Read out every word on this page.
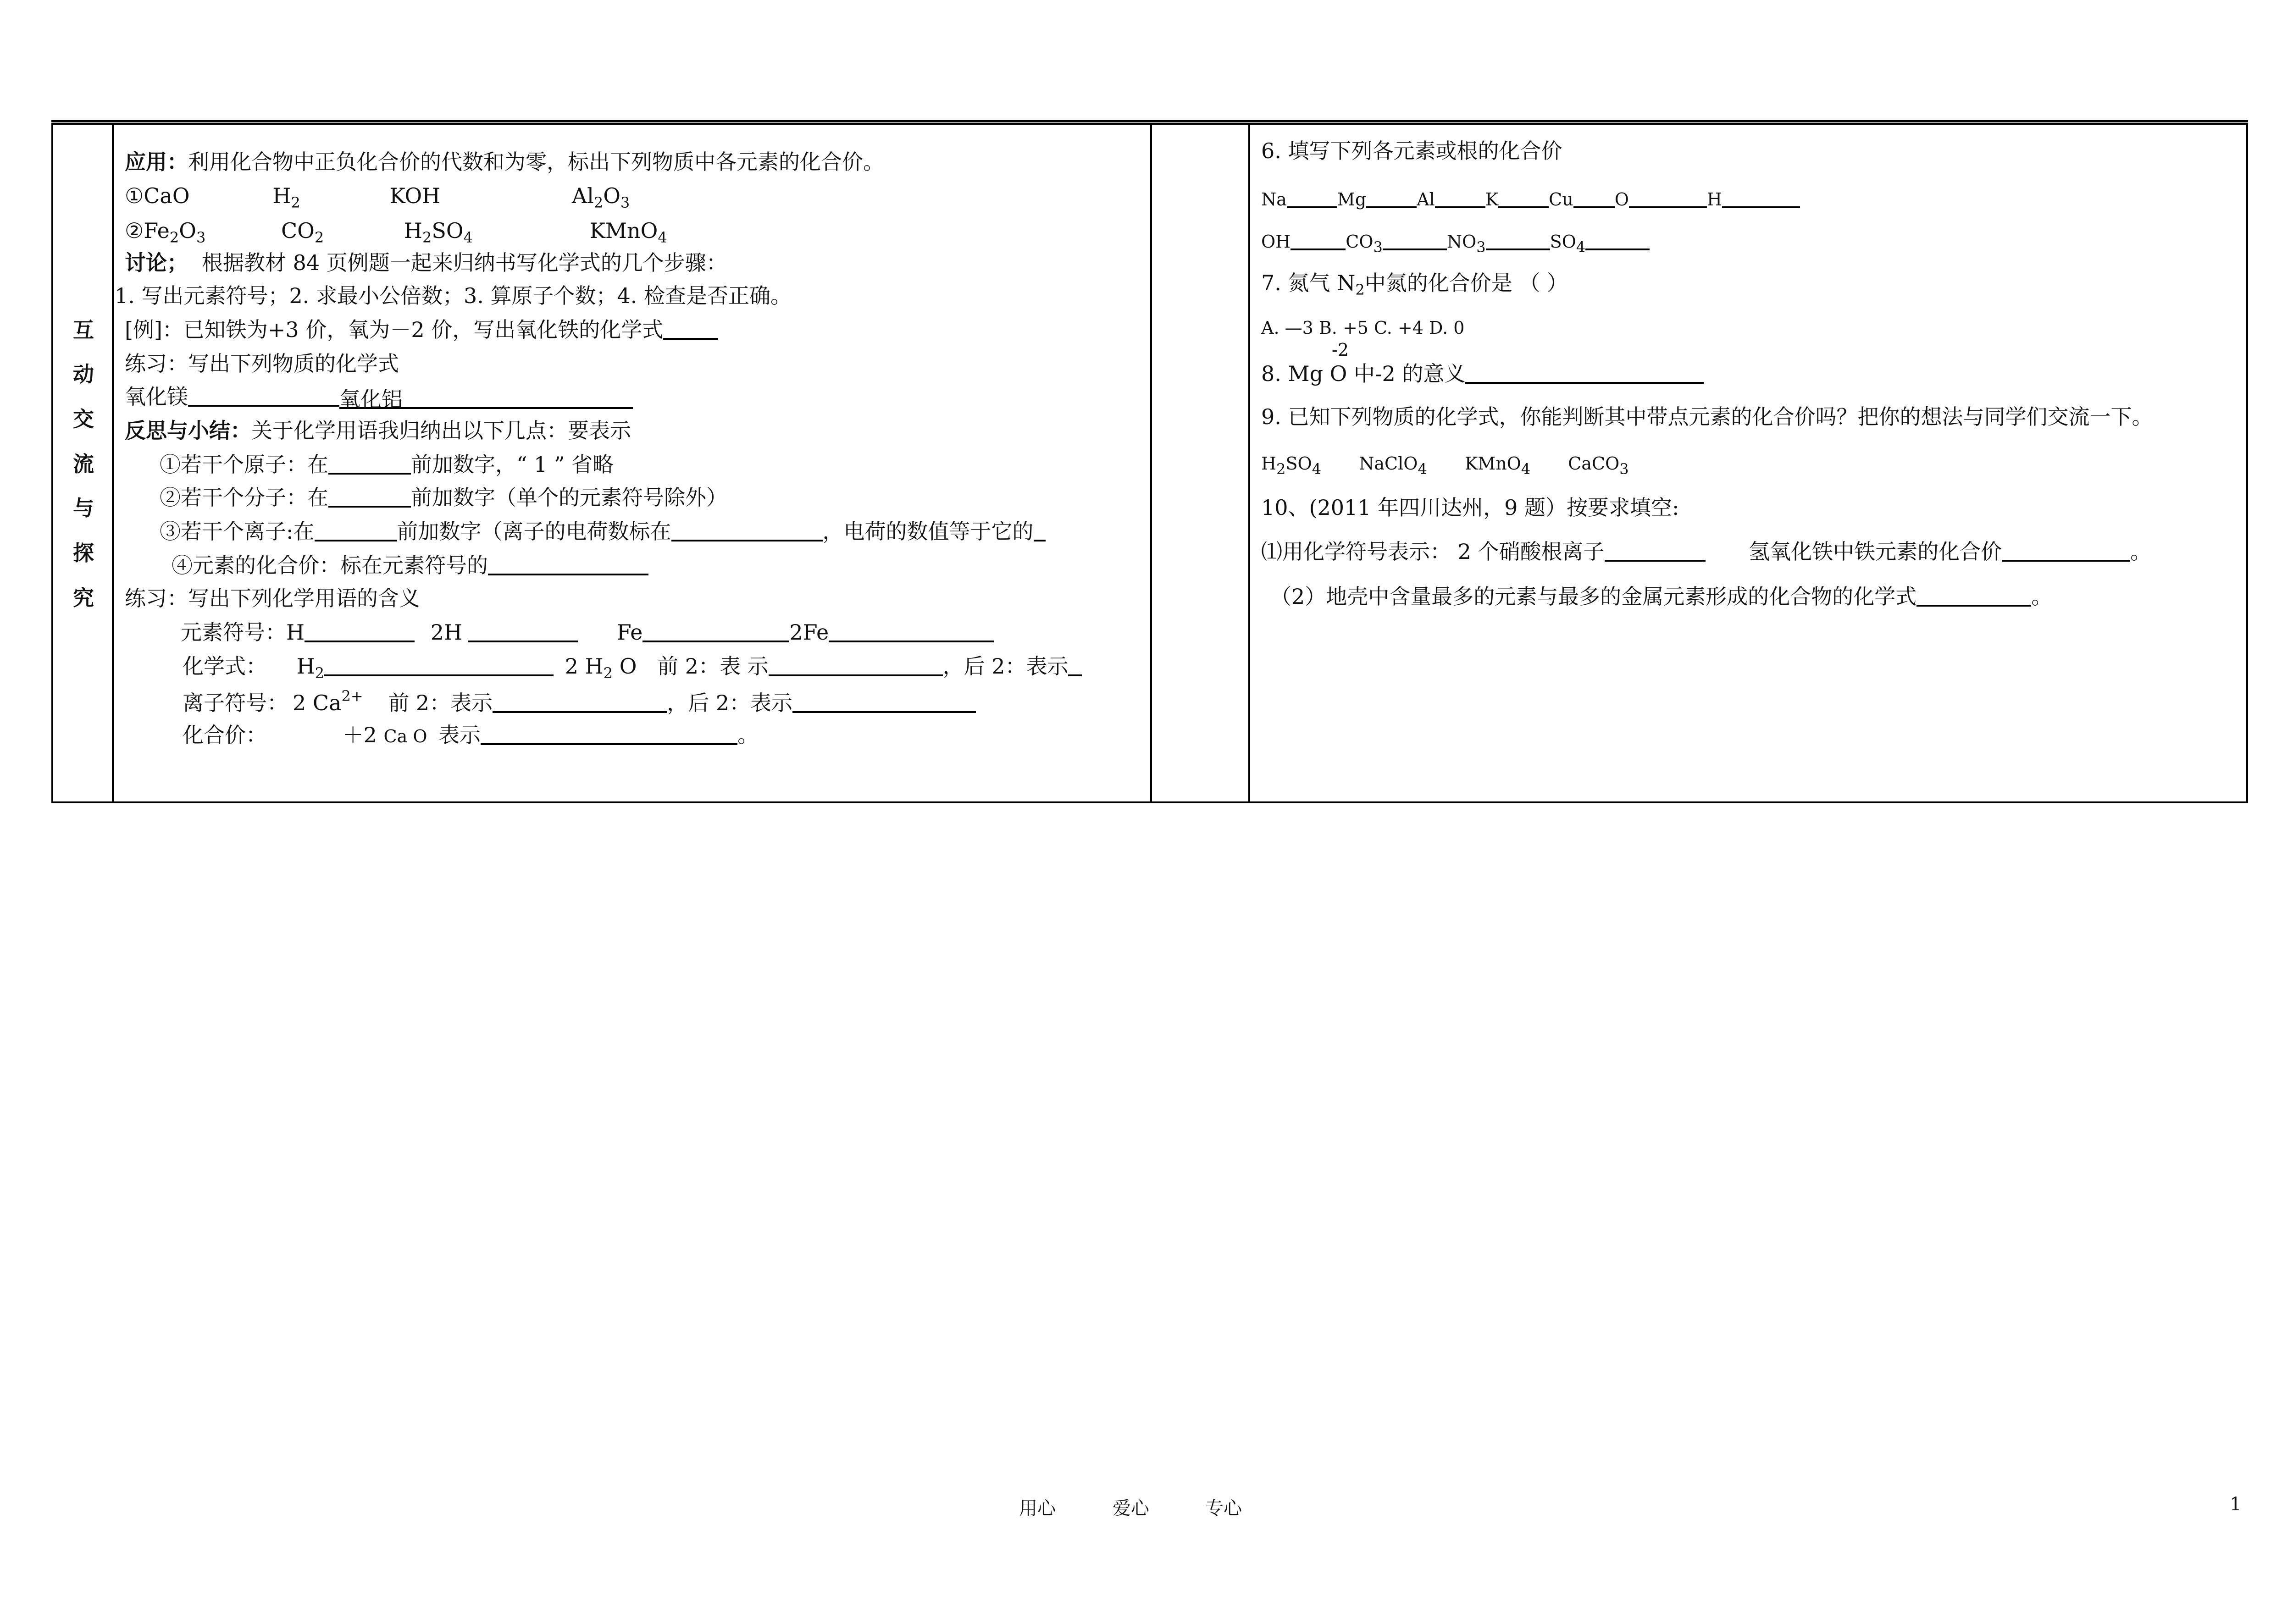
互
动
交
流
与
探
究
应用：利用化合物中正负化合价的代数和为零，标出下列物质中各元素的化合价。
①CaO	$H_2$	KOH	$Al_2O_3$
$②Fe_2O_3$	$CO_2$	$H_2SO_4$	KMnO$_4$
讨论； 根据教材 84 页例题一起来归纳书写化学式的几个步骤：
1. 写出元素符号；2. 求最小公倍数；3. 算原子个数；4. 检查是否正确。
[例]：已知铁为+3 价，氧为－2 价，写出氧化铁的化学式
练习：写出下列物质的化学式
氧化镁	氧化铝
反思与小结：关于化学用语我归纳出以下几点：要表示
①若干个原子：在	前加数字，“ 1 ” 省略
②若干个分子：在	前加数字（单个的元素符号除外）
③若干个离子:在	前加数字（离子的电荷数标在	，电荷的数值等于它的
④元素的化合价：标在元素符号的
练习：写出下列化学用语的含义
元素符号：H	2H	Fe	2Fe
化学式： $H_2$	2 $H_2$ O 前 2：表 示	，后 2：表示
离子符号： 2 $Ca^{2+}$ 前 2：表示	，后 2：表示
化合价：	＋2 Ca O 表示	。
6. 填写下列各元素或根的化合价
Na	Mg	Al	K	Cu O	H
OH	$CO_3$	$NO_3$	$SO_4$
7. 氮气 $N_2$中氮的化合价是 （ ）
A. —3 B. +5 C. +4 D. 0
-2
8. Mg O 中-2 的意义
9. 已知下列物质的化学式，你能判断其中带点元素的化合价吗？把你的想法与同学们交流一下。
$H_2SO_4$ NaClO$_4$ KMnO$_4$ CaCO$_3$
10、(2011 年四川达州，9 题）按要求填空:
⑴用化学符号表示： 2 个硝酸根离子	氢氧化铁中铁元素的化合价	。
（2）地壳中含量最多的元素与最多的金属元素形成的化合物的化学式	。
用心	爱心	专心	1
